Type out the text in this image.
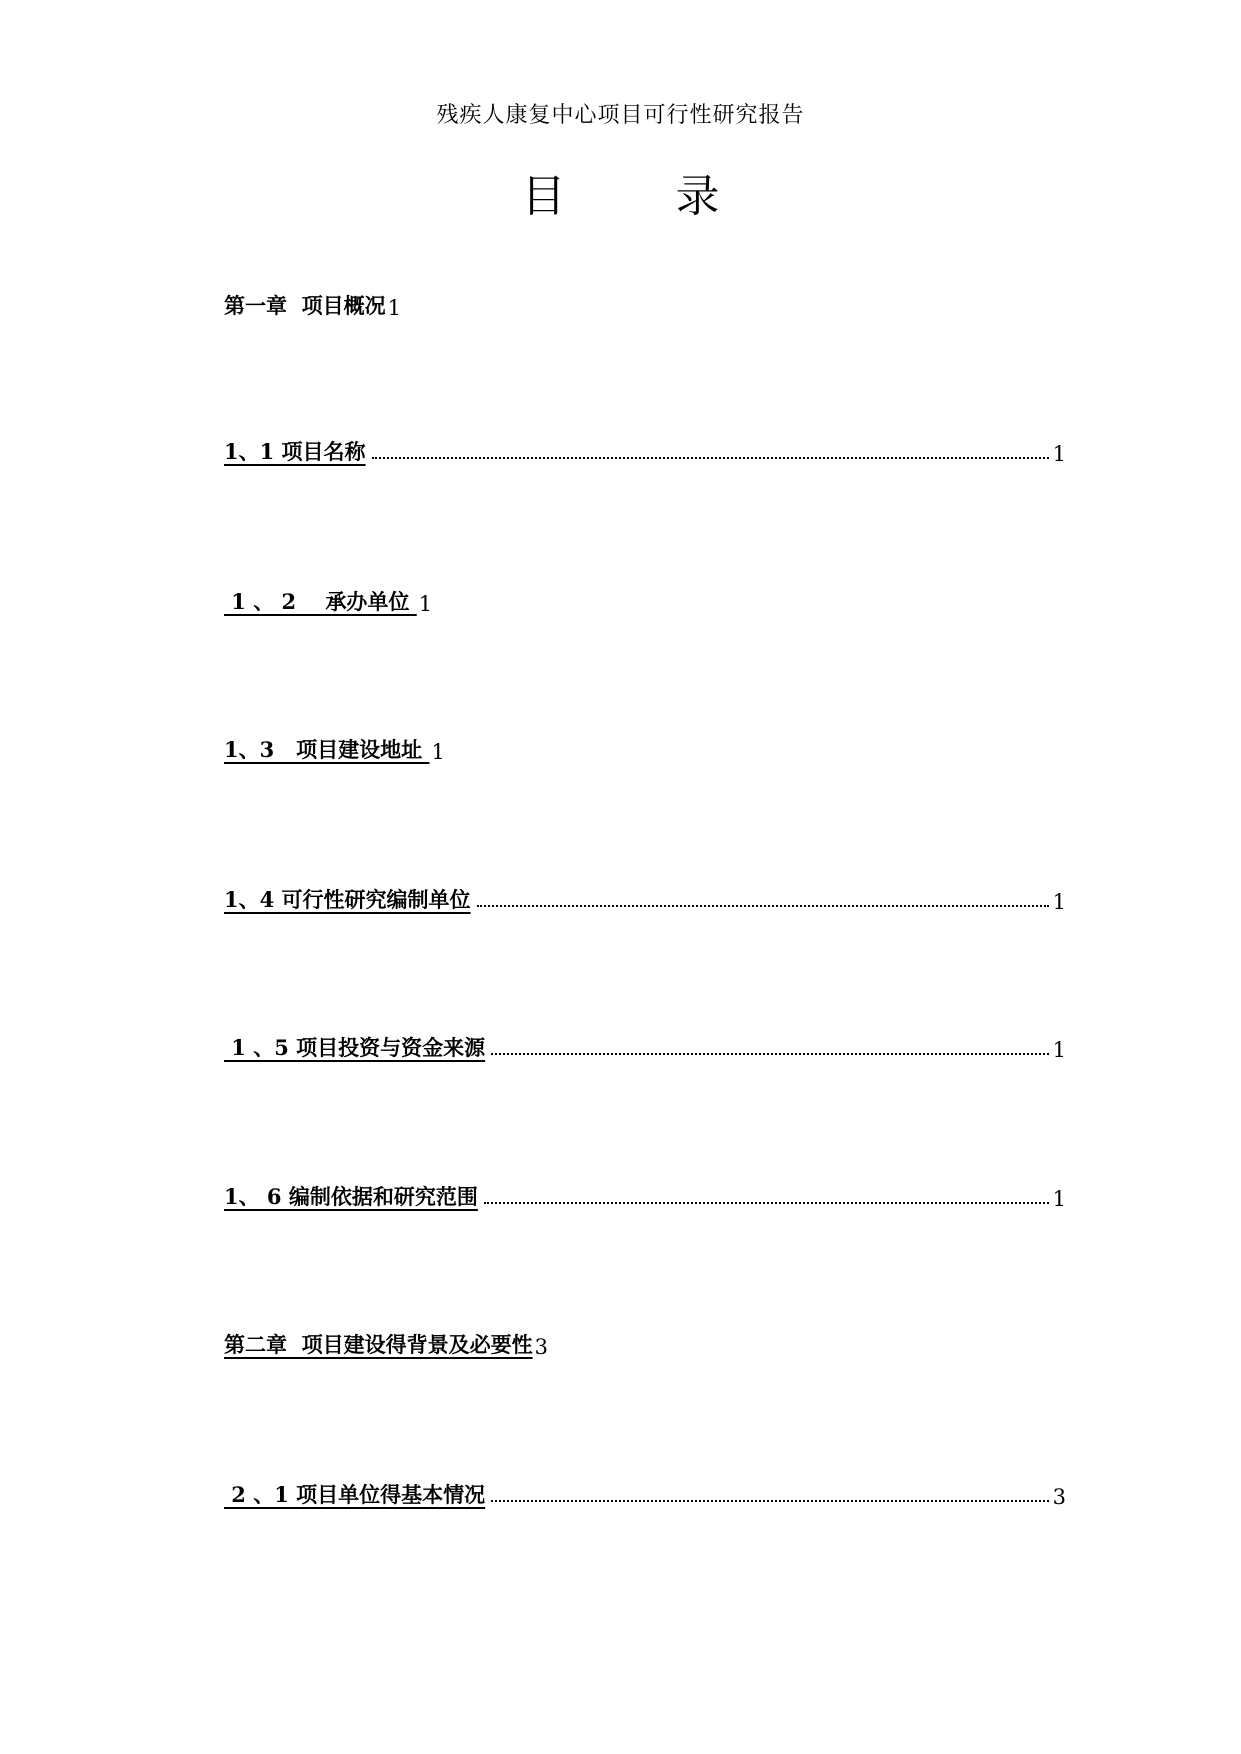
残疾人康复中心项目可行性研究报告
目	录
第一章  项目概况 1
1、1 项目名称	1
1 、 2    承办单位 1
1、3   项目建设地址 1
1、4 可行性研究编制单位	1
1 、5 项目投资与资金来源	1
1、 6 编制依据和研究范围	1
第二章  项目建设得背景及必要性 3
2 、1 项目单位得基本情况	3
